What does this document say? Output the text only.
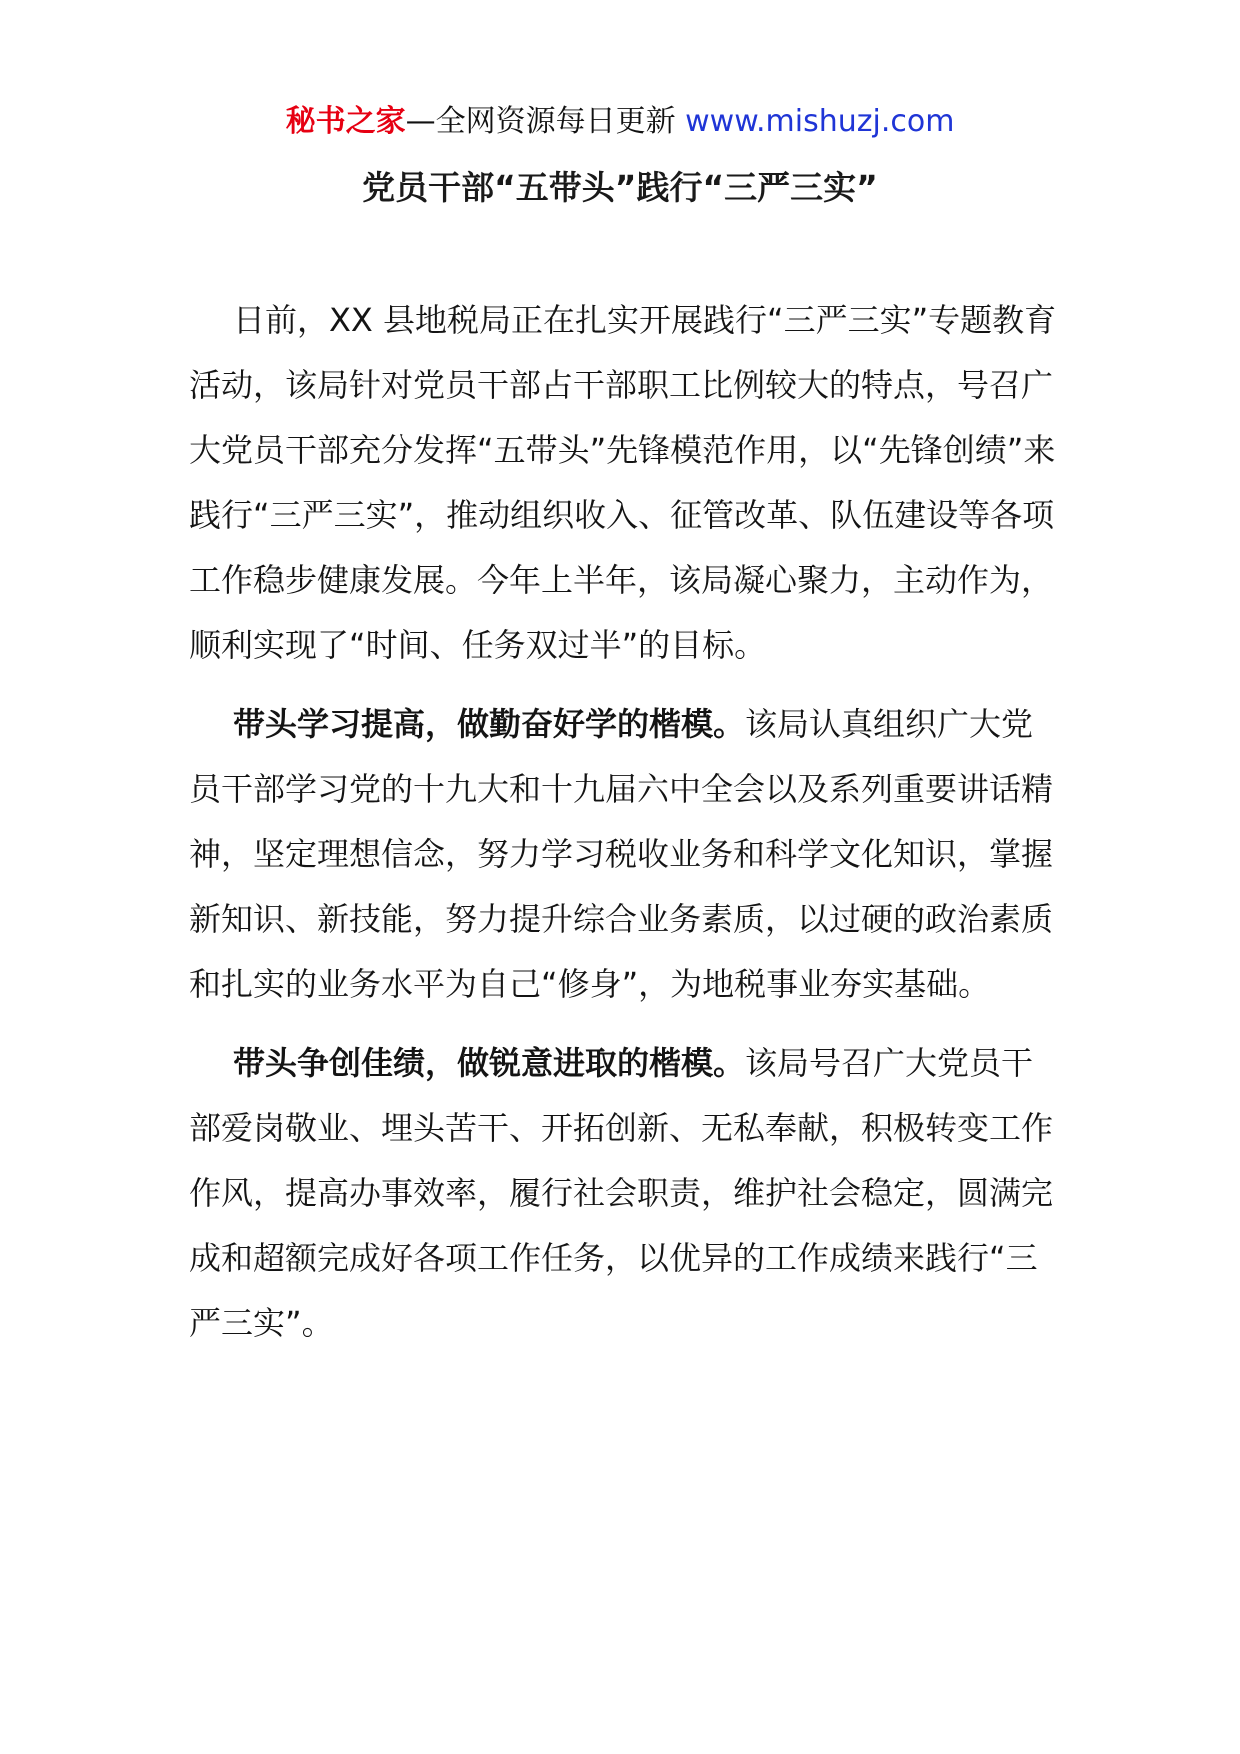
秘书之家—全网资源每日更新 www.mishuzj.com
党员干部“五带头”践行“三严三实”

日前，XX 县地税局正在扎实开展践行“三严三实”专题教育活动，该局针对党员干部占干部职工比例较大的特点，号召广大党员干部充分发挥“五带头”先锋模范作用，以“先锋创绩”来践行“三严三实”，推动组织收入、征管改革、队伍建设等各项工作稳步健康发展。今年上半年，该局凝心聚力，主动作为，顺利实现了“时间、任务双过半”的目标。

带头学习提高，做勤奋好学的楷模。该局认真组织广大党员干部学习党的十九大和十九届六中全会以及系列重要讲话精神，坚定理想信念，努力学习税收业务和科学文化知识，掌握新知识、新技能，努力提升综合业务素质，以过硬的政治素质和扎实的业务水平为自己“修身”，为地税事业夯实基础。

带头争创佳绩，做锐意进取的楷模。该局号召广大党员干部爱岗敬业、埋头苦干、开拓创新、无私奉献，积极转变工作作风，提高办事效率，履行社会职责，维护社会稳定，圆满完成和超额完成好各项工作任务，以优异的工作成绩来践行“三严三实”。
